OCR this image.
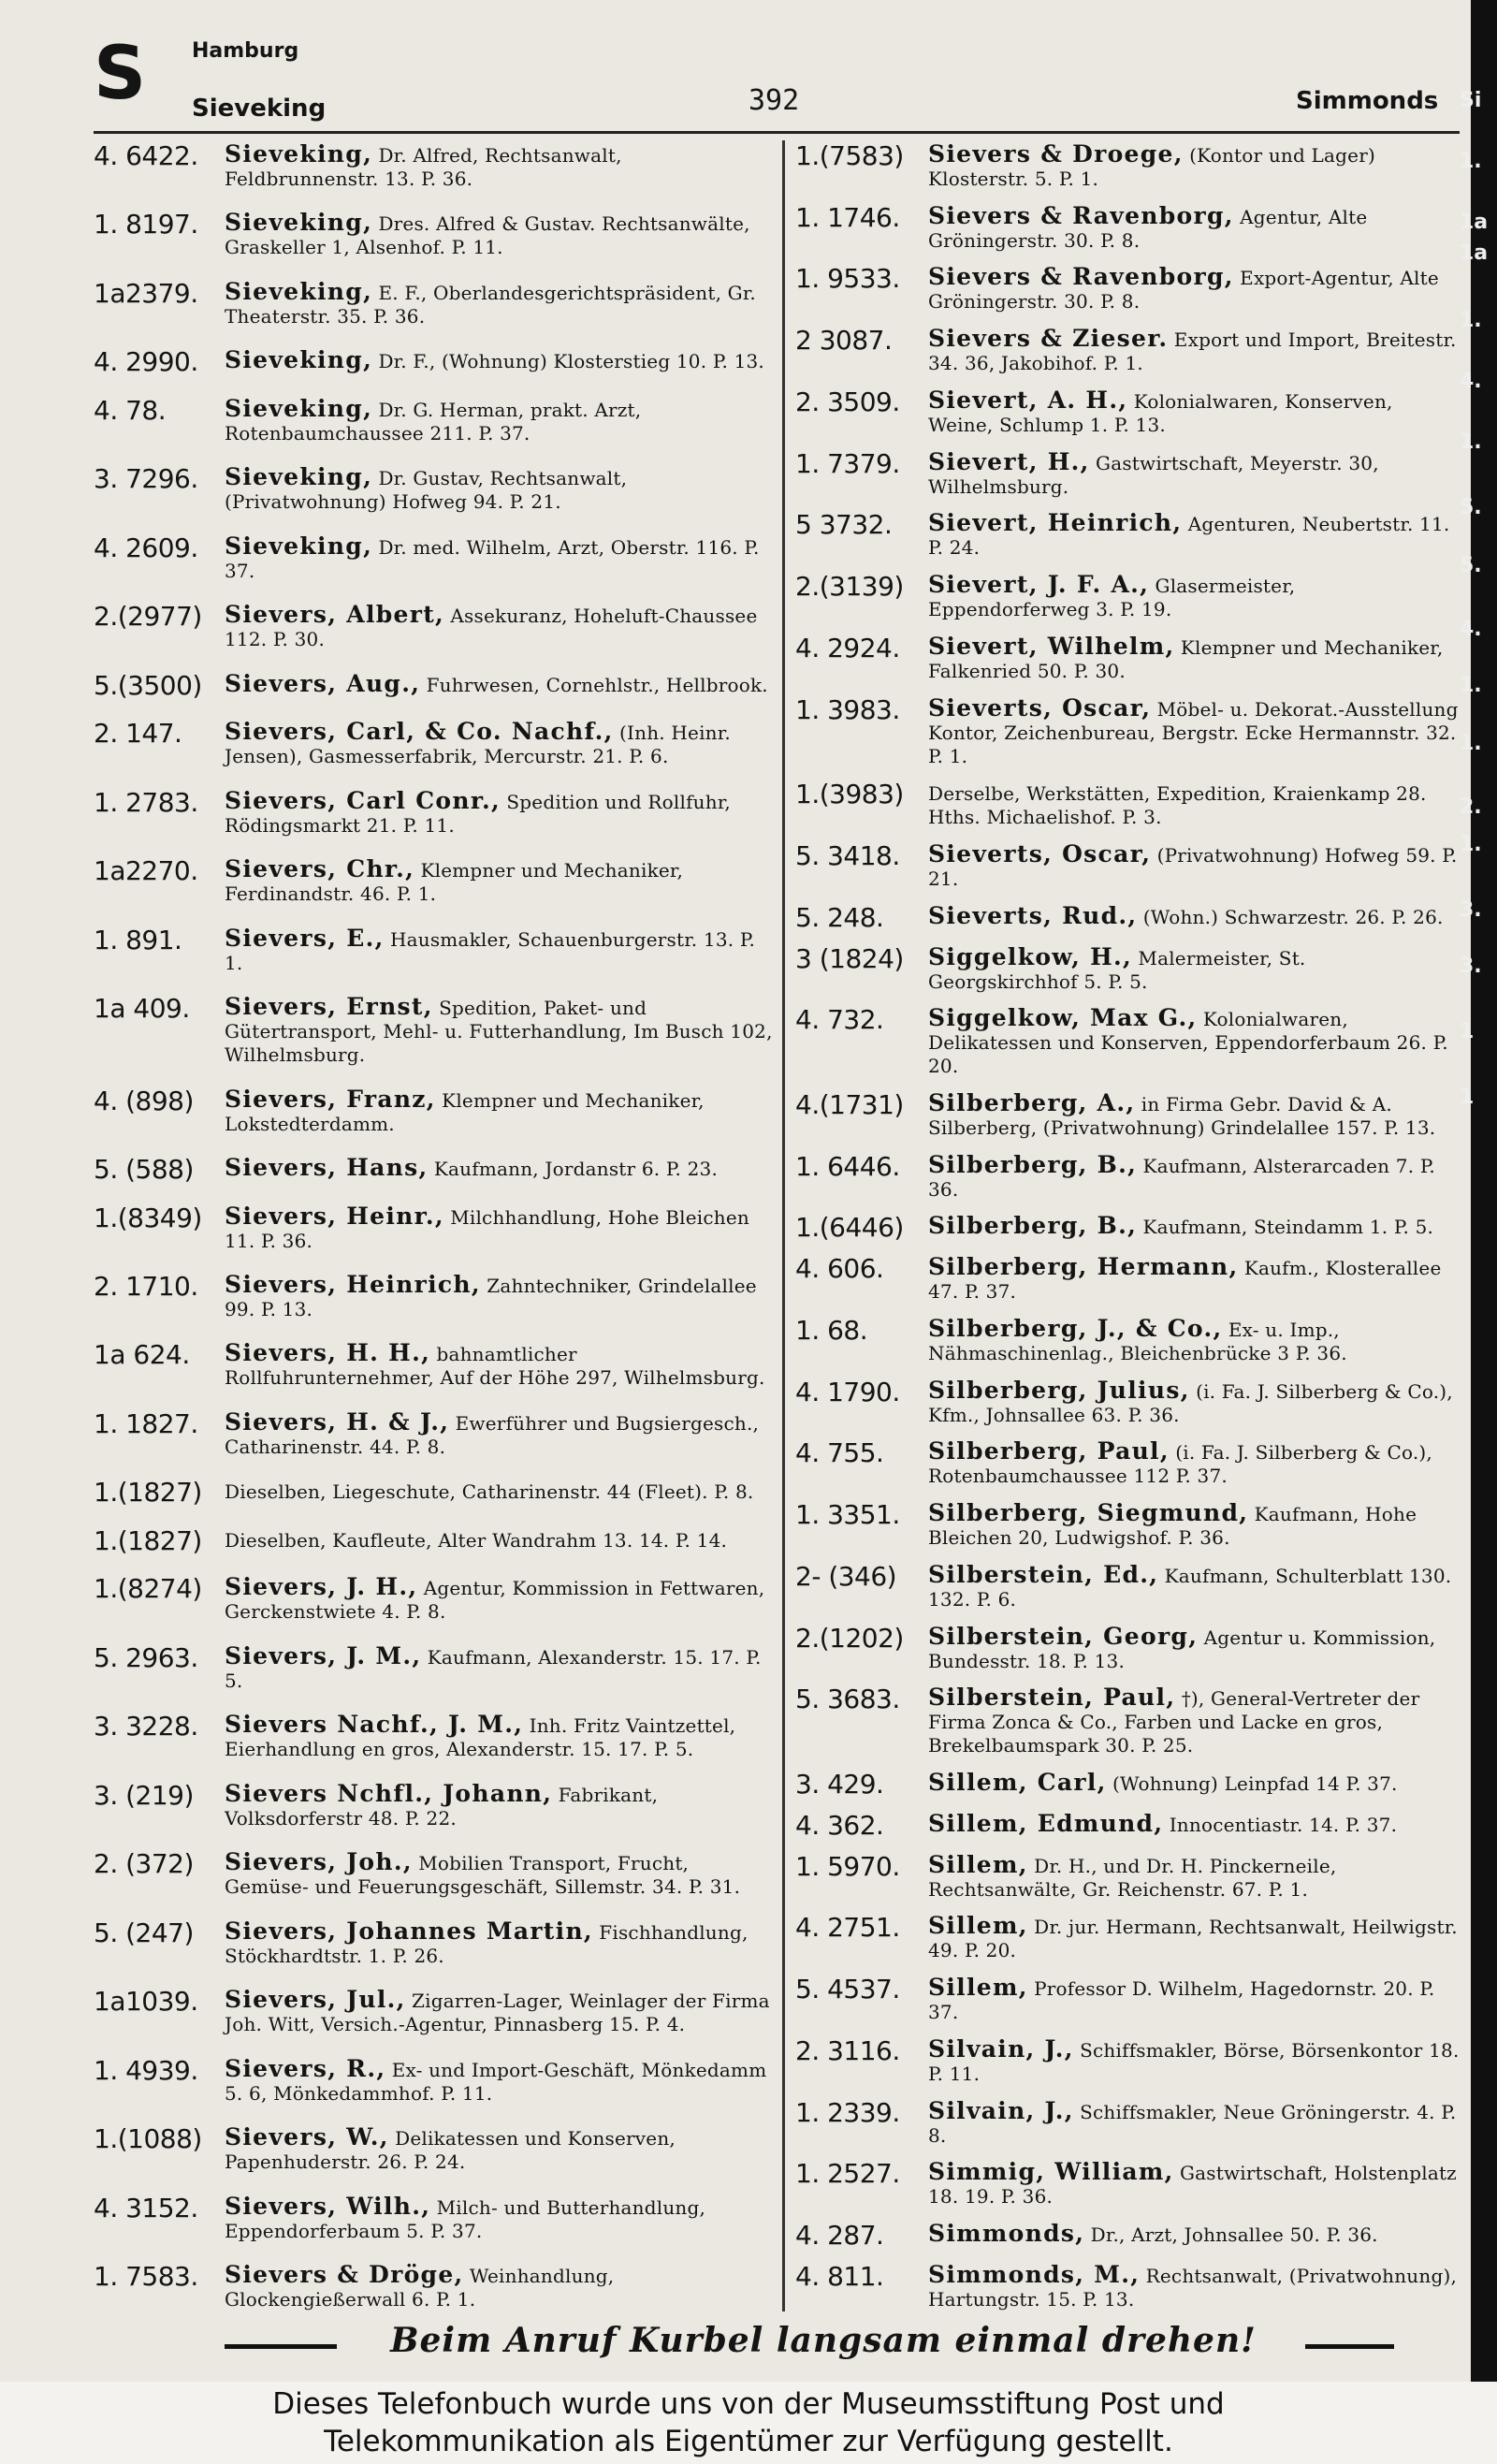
S Hamburg
Sieveking	392	Simmonds
4. 6422.	Sieveking, Dr. Alfred, Rechtsanwalt, Feldbrunnenstr. 13. P. 36.
1. 8197.	Sieveking, Dres. Alfred & Gustav. Rechtsanwälte, Graskeller 1, Alsenhof. P. 11.
1a2379.	Sieveking, E. F., Oberlandesgerichtspräsident, Gr. Theaterstr. 35. P. 36.
4. 2990.	Sieveking, Dr. F., (Wohnung) Klosterstieg 10. P. 13.
4. 78.	Sieveking, Dr. G. Herman, prakt. Arzt, Rotenbaumchaussee 211. P. 37.
3. 7296.	Sieveking, Dr. Gustav, Rechtsanwalt, (Privatwohnung) Hofweg 94. P. 21.
4. 2609.	Sieveking, Dr. med. Wilhelm, Arzt, Oberstr. 116. P. 37.
2.(2977) Sievers, Albert, Assekuranz, Hoheluft-Chaussee 112. P. 30.
5.(3500) Sievers, Aug., Fuhrwesen, Cornehlstr., Hellbrook.
2. 147.	Sievers, Carl, & Co. Nachf., (Inh. Heinr. Jensen), Gasmesserfabrik, Mercurstr. 21. P. 6.
1. 2783.	Sievers, Carl Conr., Spedition und Rollfuhr, Rödingsmarkt 21. P. 11.
1a2270.	Sievers, Chr., Klempner und Mechaniker, Ferdinandstr. 46. P. 1.
1. 891.	Sievers, E., Hausmakler, Schauenburgerstr. 13. P. 1.
1a 409.	Sievers, Ernst, Spedition, Paket- und Gütertransport, Mehl- u. Futterhandlung, Im Busch 102, Wilhelmsburg.
4. (898)	Sievers, Franz, Klempner und Mechaniker, Lokstedterdamm.
5. (588)	Sievers, Hans, Kaufmann, Jordanstr 6. P. 23.
1.(8349) Sievers, Heinr., Milchhandlung, Hohe Bleichen 11. P. 36.
2. 1710.	Sievers, Heinrich, Zahntechniker, Grindelallee 99. P. 13.
1a 624.	Sievers, H. H., bahnamtlicher Rollfuhrunternehmer, Auf der Höhe 297, Wilhelmsburg.
1. 1827.	Sievers, H. & J., Ewerführer und Bugsiergesch., Catharinenstr. 44. P. 8.
1.(1827)	Dieselben, Liegeschute, Catharinenstr. 44 (Fleet). P. 8.
1.(1827)	Dieselben, Kaufleute, Alter Wandrahm 13. 14. P. 14.
1.(8274) Sievers, J. H., Agentur, Kommission in Fettwaren, Gerckenstwiete 4. P. 8.
5. 2963.	Sievers, J. M., Kaufmann, Alexanderstr. 15. 17. P. 5.
3. 3228.	Sievers Nachf., J. M., Inh. Fritz Vaintzettel, Eierhandlung en gros, Alexanderstr. 15. 17. P. 5.
3. (219)	Sievers Nchfl., Johann, Fabrikant, Volksdorferstr 48. P. 22.
2. (372)	Sievers, Joh., Mobilien Transport, Frucht, Gemüse- und Feuerungsgeschäft, Sillemstr. 34. P. 31.
5. (247)	Sievers, Johannes Martin, Fischhandlung, Stöckhardtstr. 1. P. 26.
1a1039.	Sievers, Jul., Zigarren-Lager, Weinlager der Firma Joh. Witt, Versich.-Agentur, Pinnasberg 15. P. 4.
1. 4939.	Sievers, R., Ex- und Import-Geschäft, Mönkedamm 5. 6, Mönkedammhof. P. 11.
1.(1088) Sievers, W., Delikatessen und Konserven, Papenhuderstr. 26. P. 24.
4. 3152.	Sievers, Wilh., Milch- und Butterhandlung, Eppendorferbaum 5. P. 37.
1. 7583.	Sievers & Dröge, Weinhandlung, Glockengießerwall 6. P. 1.
1.(7583)	Sievers & Droege, (Kontor und Lager) Klosterstr. 5. P. 1.
1. 1746.	Sievers & Ravenborg, Agentur, Alte Gröningerstr. 30. P. 8.
1. 9533.	Sievers & Ravenborg, Export-Agentur, Alte Gröningerstr. 30. P. 8.
2 3087.	Sievers & Zieser. Export und Import, Breitestr. 34. 36, Jakobihof. P. 1.
2. 3509.	Sievert, A. H., Kolonialwaren, Konserven, Weine, Schlump 1. P. 13.
1. 7379.	Sievert, H., Gastwirtschaft, Meyerstr. 30, Wilhelmsburg.
5 3732.	Sievert, Heinrich, Agenturen, Neubertstr. 11. P. 24.
2.(3139)	Sievert, J. F. A., Glasermeister, Eppendorferweg 3. P. 19.
4. 2924.	Sievert, Wilhelm, Klempner und Mechaniker, Falkenried 50. P. 30.
1. 3983.	Sieverts, Oscar, Möbel- u. Dekorat.-Ausstellung Kontor, Zeichenbureau, Bergstr. Ecke Hermannstr. 32. P. 1.
1.(3983)	Derselbe, Werkstätten, Expedition, Kraienkamp 28. Hths. Michaelishof. P. 3.
5. 3418.	Sieverts, Oscar, (Privatwohnung) Hofweg 59. P. 21.
5. 248.	Sieverts, Rud., (Wohn.) Schwarzestr. 26. P. 26.
3 (1824)	Siggelkow, H., Malermeister, St. Georgskirchhof 5. P. 5.
4. 732.	Siggelkow, Max G., Kolonialwaren, Delikatessen und Konserven, Eppendorferbaum 26. P. 20.
4.(1731)	Silberberg, A., in Firma Gebr. David & A. Silberberg, (Privatwohnung) Grindelallee 157. P. 13.
1. 6446.	Silberberg, B., Kaufmann, Alsterarcaden 7. P. 36.
1.(6446)	Silberberg, B., Kaufmann, Steindamm 1. P. 5.
4. 606.	Silberberg, Hermann, Kaufm., Klosterallee 47. P. 37.
1. 68.	Silberberg, J., & Co., Ex- u. Imp., Nähmaschinenlag., Bleichenbrücke 3 P. 36.
4. 1790.	Silberberg, Julius, (i. Fa. J. Silberberg & Co.), Kfm., Johnsallee 63. P. 36.
4. 755.	Silberberg, Paul, (i. Fa. J. Silberberg & Co.), Rotenbaumchaussee 112 P. 37.
1. 3351.	Silberberg, Siegmund, Kaufmann, Hohe Bleichen 20, Ludwigshof. P. 36.
2- (346)	Silberstein, Ed., Kaufmann, Schulterblatt 130. 132. P. 6.
2.(1202)	Silberstein, Georg, Agentur u. Kommission, Bundesstr. 18. P. 13.
5. 3683.	Silberstein, Paul, †), General-Vertreter der Firma Zonca & Co., Farben und Lacke en gros, Brekelbaumspark 30. P. 25.
3. 429.	Sillem, Carl, (Wohnung) Leinpfad 14 P. 37.
4. 362.	Sillem, Edmund, Innocentiastr. 14. P. 37.
1. 5970.	Sillem, Dr. H., und Dr. H. Pinckerneile, Rechtsanwälte, Gr. Reichenstr. 67. P. 1.
4. 2751.	Sillem, Dr. jur. Hermann, Rechtsanwalt, Heilwigstr. 49. P. 20.
5. 4537.	Sillem, Professor D. Wilhelm, Hagedornstr. 20. P. 37.
2. 3116.	Silvain, J., Schiffsmakler, Börse, Börsenkontor 18. P. 11.
1. 2339.	Silvain, J., Schiffsmakler, Neue Gröningerstr. 4. P. 8.
1. 2527.	Simmig, William, Gastwirtschaft, Holstenplatz 18. 19. P. 36.
4. 287.	Simmonds, Dr., Arzt, Johnsallee 50. P. 36.
4. 811.	Simmonds, M., Rechtsanwalt, (Privatwohnung), Hartungstr. 15. P. 13.
Beim Anruf Kurbel langsam einmal drehen!
Si
1.
1a
1a
1.
4.
1.
5.
5.
4.
1.
1.
2.
1.
3.
3.
1
1
Dieses Telefonbuch wurde uns von der Museumsstiftung Post und
Telekommunikation als Eigentümer zur Verfügung gestellt.
